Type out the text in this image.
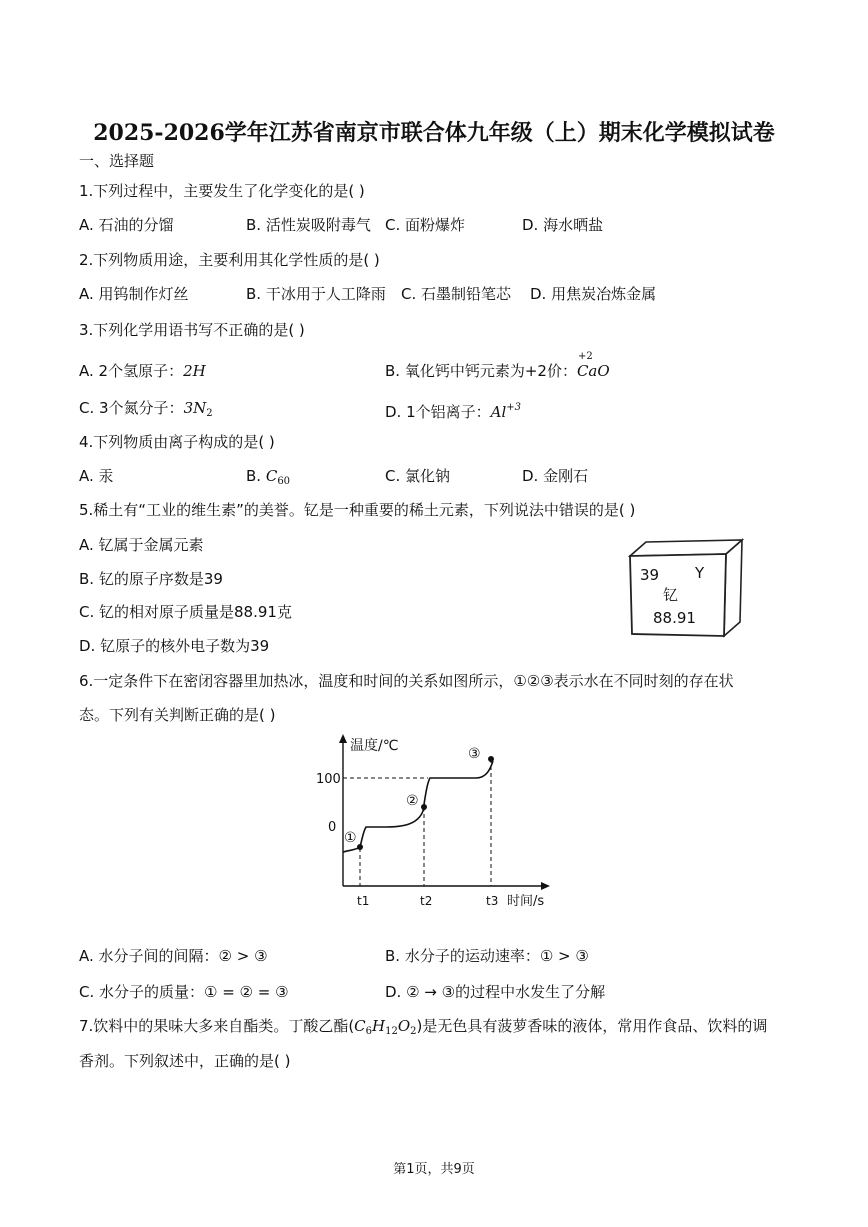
2025-2026学年江苏省南京市联合体九年级（上）期末化学模拟试卷
一、选择题
1.下列过程中，主要发生了化学变化的是( )
A. 石油的分馏	B. 活性炭吸附毒气 C. 面粉爆炸	D. 海水晒盐
2.下列物质用途，主要利用其化学性质的是( )
A. 用钨制作灯丝	B. 干冰用于人工降雨 C. 石墨制铅笔芯 D. 用焦炭冶炼金属
3.下列化学用语书写不正确的是( )
A. 2个氢原子：2H	B. 氧化钙中钙元素为+2价：
+2
CaO
C. 3个氮分子：$3N_2$	D. 1个铝离子：$Al^{+3}$
4.下列物质由离子构成的是( )
A. 汞	B. $C_{60}$	C. 氯化钠	D. 金刚石
5.稀土有“工业的维生素”的美誉。钇是一种重要的稀土元素，下列说法中错误的是( )
A. 钇属于金属元素
B. 钇的原子序数是39
C. 钇的相对原子质量是88.91克
D. 钇原子的核外电子数为39
39 Y
钇
88.91
6.一定条件下在密闭容器里加热冰，温度和时间的关系如图所示，①②③表示水在不同时刻的存在状
态。下列有关判断正确的是( )
温度/℃
时间/s
100
0
①
②
③
t1	t2	t3
A. 水分子间的间隔：② > ③	B. 水分子的运动速率：① > ③
C. 水分子的质量：① = ② = ③	D. ② → ③的过程中水发生了分解
7.饮料中的果味大多来自酯类。丁酸乙酯$(C_6H_{12}O_2)$是无色具有菠萝香味的液体，常用作食品、饮料的调
香剂。下列叙述中，正确的是( )
第1页，共9页
